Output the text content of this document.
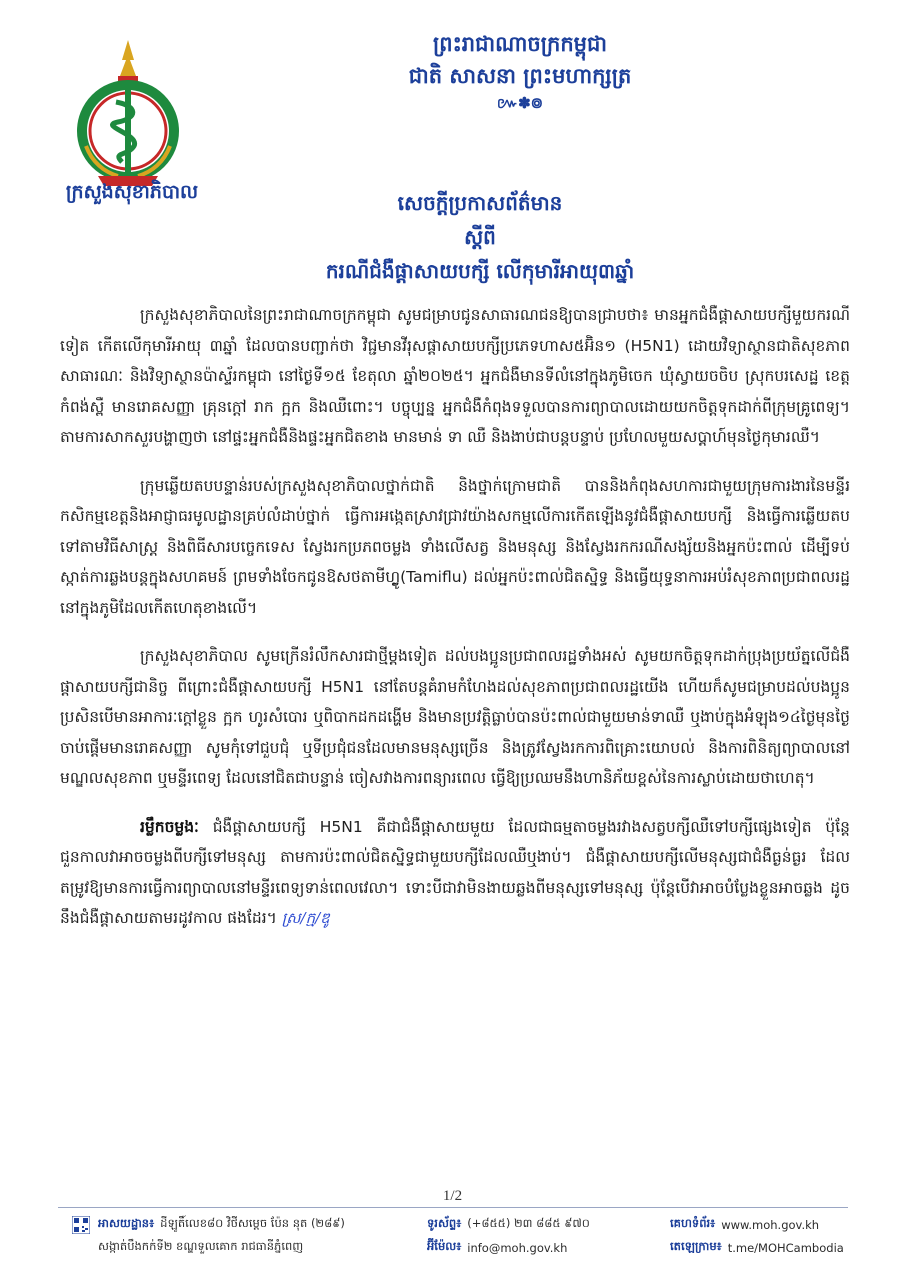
ក្រសួងសុខាភិបាល
ព្រះរាជាណាចក្រកម្ពុជា
ជាតិ សាសនា ព្រះមហាក្សត្រ
៚✽៙
សេចក្តីប្រកាសព័ត៌មាន
ស្តីពី
ករណីជំងឺផ្តាសាយបក្សី លើកុមារីអាយុ៣ឆ្នាំ

ក្រសួងសុខាភិបាលនៃព្រះរាជាណាចក្រកម្ពុជា សូមជម្រាបជូនសាធារណជនឱ្យបានជ្រាបថា៖ មានអ្នកជំងឺផ្តាសាយបក្សីមួយករណីទៀត កើតលើកុមារីអាយុ ៣ឆ្នាំ ដែលបានបញ្ជាក់ថា វិជ្ជមានវីរុសផ្តាសាយបក្សីប្រភេទហាស៥អ៊ិន១ (H5N1) ដោយវិទ្យាស្ថានជាតិសុខភាពសាធារណៈ និងវិទ្យាស្ថានប៉ាស្ទ័រកម្ពុជា នៅថ្ងៃទី១៥ ខែតុលា ឆ្នាំ២០២៥។ អ្នកជំងឺមានទីលំនៅក្នុងភូមិចេក ឃុំស្វាយចចិប ស្រុកបរសេដ្ឋ ខេត្តកំពង់ស្ពឺ មានរោគសញ្ញា គ្រុនក្តៅ រាក ក្អក និងឈឺពោះ។ បច្ចុប្បន្ន អ្នកជំងឺកំពុងទទួលបានការព្យាបាលដោយយកចិត្តទុកដាក់ពីក្រុមគ្រូពេទ្យ។ តាមការសាកសួរបង្ហាញថា នៅផ្ទះអ្នកជំងឺនិងផ្ទះអ្នកជិតខាង មានមាន់ ទា ឈឺ និងងាប់ជាបន្តបន្ទាប់ ប្រហែលមួយសប្តាហ៍មុនថ្ងៃកុមារឈឺ។

ក្រុមឆ្លើយតបបន្ទាន់របស់ក្រសួងសុខាភិបាលថ្នាក់ជាតិ និងថ្នាក់ក្រោមជាតិ បាននិងកំពុងសហការជាមួយក្រុមការងារនៃមន្ទីរកសិកម្មខេត្តនិងអាជ្ញាធរមូលដ្ឋានគ្រប់លំដាប់ថ្នាក់ ធ្វើការអង្កេតស្រាវជ្រាវយ៉ាងសកម្មលើការកើតឡើងនូវជំងឺផ្តាសាយបក្សី និងធ្វើការឆ្លើយតបទៅតាមវិធីសាស្ត្រ និងពិធីសារបច្ចេកទេស ស្វែងរកប្រភពចម្លង ទាំងលើសត្វ និងមនុស្ស និងស្វែងរកករណីសង្ស័យនិងអ្នកប៉ះពាល់ ដើម្បីទប់ស្កាត់ការឆ្លងបន្តក្នុងសហគមន៍ ព្រមទាំងចែកជូនឱសថតាមីហ្វ្លូ(Tamiflu) ដល់អ្នកប៉ះពាល់ជិតស្និទ្ធ និងធ្វើយុទ្ធនាការអប់រំសុខភាពប្រជាពលរដ្ឋនៅក្នុងភូមិដែលកើតហេតុខាងលើ។

ក្រសួងសុខាភិបាល សូមក្រើនរំលឹកសារជាថ្មីម្តងទៀត ដល់បងប្អូនប្រជាពលរដ្ឋទាំងអស់ សូមយកចិត្តទុកដាក់ប្រុងប្រយ័ត្នលើជំងឺផ្តាសាយបក្សីជានិច្ច ពីព្រោះជំងឺផ្តាសាយបក្សី H5N1 នៅតែបន្តគំរាមកំហែងដល់សុខភាពប្រជាពលរដ្ឋយើង ហើយក៏សូមជម្រាបដល់បងប្អូន ប្រសិនបើមានអាការៈក្តៅខ្លួន ក្អក ហូរសំបោរ ឬពិបាកដកដង្ហើម និងមានប្រវត្តិធ្លាប់បានប៉ះពាល់ជាមួយមាន់ទាឈឺ ឬងាប់ក្នុងអំឡុង១៤ថ្ងៃមុនថ្ងៃចាប់ផ្តើមមានរោគសញ្ញា សូមកុំទៅជួបជុំ ឬទីប្រជុំជនដែលមានមនុស្សច្រើន និងត្រូវស្វែងរកការពិគ្រោះយោបល់ និងការពិនិត្យព្យាបាលនៅមណ្ឌលសុខភាព ឬមន្ទីរពេទ្យ ដែលនៅជិតជាបន្ទាន់ ចៀសវាងការពន្យារពេល ធ្វើឱ្យប្រឈមនឹងហានិភ័យខ្ពស់នៃការស្លាប់ដោយថាហេតុ។

រម្លឹកចម្លងៈ ជំងឺផ្តាសាយបក្សី H5N1 គឺជាជំងឺផ្តាសាយមួយ ដែលជាធម្មតាចម្លងរវាងសត្វបក្សីឈឺទៅបក្សីផ្សេងទៀត ប៉ុន្តែជួនកាលវាអាចចម្លងពីបក្សីទៅមនុស្ស តាមការប៉ះពាល់ជិតស្និទ្ធជាមួយបក្សីដែលឈឺឬងាប់។ ជំងឺផ្តាសាយបក្សីលើមនុស្សជាជំងឺធ្ងន់ធ្ងរ ដែលតម្រូវឱ្យមានការធ្វើការព្យាបាលនៅមន្ទីរពេទ្យទាន់ពេលវេលា។ ទោះបីជាវាមិនងាយឆ្លងពីមនុស្សទៅមនុស្ស ប៉ុន្តែបើវាអាចបំប្លែងខ្លួនអាចឆ្លង ដូចនឹងជំងឺផ្តាសាយតាមរដូវកាល ផងដែរ។ ស្រ/ក្ម/ឌូ

1/2
អាសយដ្ឋាន៖ ដីឡូតិ៍លេខ៨០ វិថីសម្តេច ប៉ែន នុត (២៨៩)
សង្កាត់បឹងកក់ទី២ ខណ្ឌទួលគោក រាជធានីភ្នំពេញ
ទូរស័ព្ទ៖ (+៨៥៥) ២៣ ៨៨៥ ៩៧០
អ៊ីម៉ែល៖ info@moh.gov.kh
គេហទំព័រ៖ www.moh.gov.kh
តេឡេក្រាម៖ t.me/MOHCambodia
